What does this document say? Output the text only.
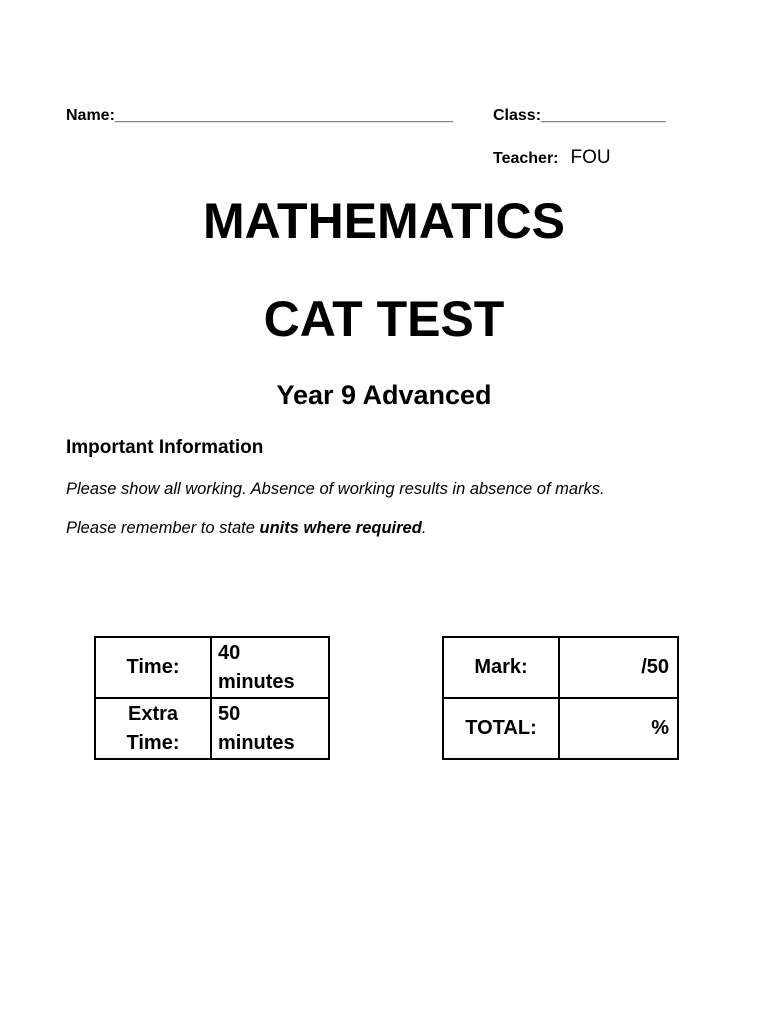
Name:______________________________________ Class:______________
Teacher: FOU
MATHEMATICS
CAT TEST
Year 9 Advanced
Important Information
Please show all working. Absence of working results in absence of marks.
Please remember to state units where required.
Time:	40
minutes
Extra
Time:	50
minutes
Mark:	/50
TOTAL:	%
